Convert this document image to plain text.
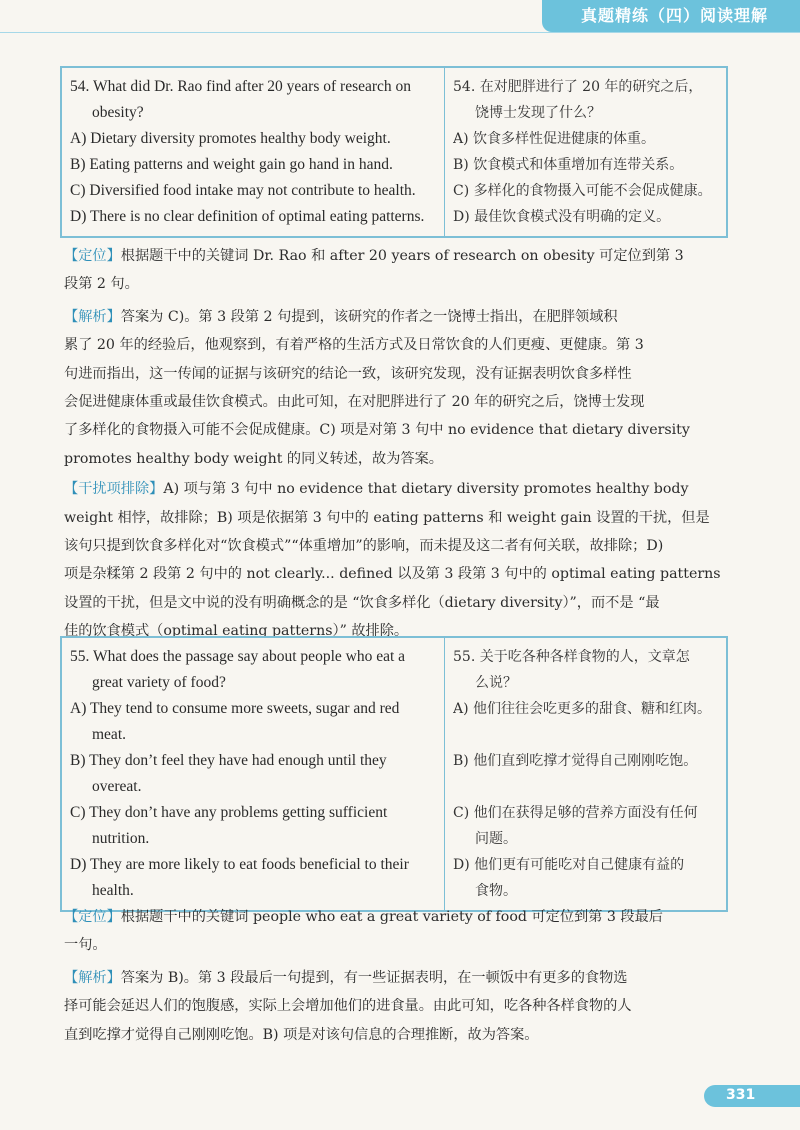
真题精练（四）阅读理解
54. What did Dr. Rao find after 20 years of research on
obesity?
A) Dietary diversity promotes healthy body weight.
B) Eating patterns and weight gain go hand in hand.
C) Diversified food intake may not contribute to health.
D) There is no clear definition of optimal eating patterns.

54. 在对肥胖进行了 20 年的研究之后，
饶博士发现了什么？
A) 饮食多样性促进健康的体重。
B) 饮食模式和体重增加有连带关系。
C) 多样化的食物摄入可能不会促成健康。
D) 最佳饮食模式没有明确的定义。
【定位】根据题干中的关键词 Dr. Rao 和 after 20 years of research on obesity 可定位到第 3
段第 2 句。
【解析】答案为 C)。第 3 段第 2 句提到，该研究的作者之一饶博士指出，在肥胖领域积
累了 20 年的经验后，他观察到，有着严格的生活方式及日常饮食的人们更瘦、更健康。第 3
句进而指出，这一传闻的证据与该研究的结论一致，该研究发现，没有证据表明饮食多样性
会促进健康体重或最佳饮食模式。由此可知，在对肥胖进行了 20 年的研究之后，饶博士发现
了多样化的食物摄入可能不会促成健康。C) 项是对第 3 句中 no evidence that dietary diversity
promotes healthy body weight 的同义转述，故为答案。
【干扰项排除】A) 项与第 3 句中 no evidence that dietary diversity promotes healthy body
weight 相悖，故排除；B) 项是依据第 3 句中的 eating patterns 和 weight gain 设置的干扰，但是
该句只提到饮食多样化对“饮食模式”“体重增加”的影响，而未提及这二者有何关联，故排除；D)
项是杂糅第 2 段第 2 句中的 not clearly... defined 以及第 3 段第 3 句中的 optimal eating patterns
设置的干扰，但是文中说的没有明确概念的是 “饮食多样化（dietary diversity）”，而不是 “最
佳的饮食模式（optimal eating patterns）” 故排除。
55. What does the passage say about people who eat a
great variety of food?
A) They tend to consume more sweets, sugar and red
meat.
B) They don’t feel they have had enough until they
overeat.
C) They don’t have any problems getting sufficient
nutrition.
D) They are more likely to eat foods beneficial to their
health.

55. 关于吃各种各样食物的人，文章怎
么说？
A) 他们往往会吃更多的甜食、糖和红肉。
B) 他们直到吃撑才觉得自己刚刚吃饱。
C) 他们在获得足够的营养方面没有任何
问题。
D) 他们更有可能吃对自己健康有益的
食物。
【定位】根据题干中的关键词 people who eat a great variety of food 可定位到第 3 段最后
一句。
【解析】答案为 B)。第 3 段最后一句提到，有一些证据表明，在一顿饭中有更多的食物选
择可能会延迟人们的饱腹感，实际上会增加他们的进食量。由此可知，吃各种各样食物的人
直到吃撑才觉得自己刚刚吃饱。B) 项是对该句信息的合理推断，故为答案。
331
